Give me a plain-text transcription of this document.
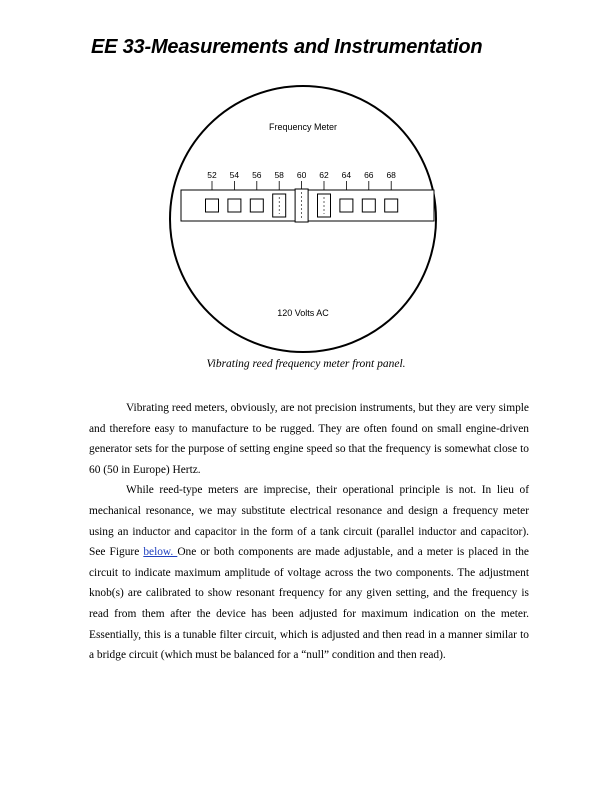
EE 33-Measurements and Instrumentation
Frequency Meter
52 54 56 58 60 62 64 66 68
120 Volts AC
Vibrating reed frequency meter front panel.

Vibrating reed meters, obviously, are not precision instruments, but they are very simple and therefore easy to manufacture to be rugged. They are often found on small engine-driven generator sets for the purpose of setting engine speed so that the frequency is somewhat close to 60 (50 in Europe) Hertz.

While reed-type meters are imprecise, their operational principle is not. In lieu of mechanical resonance, we may substitute electrical resonance and design a frequency meter using an inductor and capacitor in the form of a tank circuit (parallel inductor and capacitor). See Figure below. One or both components are made adjustable, and a meter is placed in the circuit to indicate maximum amplitude of voltage across the two components. The adjustment knob(s) are calibrated to show resonant frequency for any given setting, and the frequency is read from them after the device has been adjusted for maximum indication on the meter. Essentially, this is a tunable filter circuit, which is adjusted and then read in a manner similar to a bridge circuit (which must be balanced for a “null” condition and then read).
